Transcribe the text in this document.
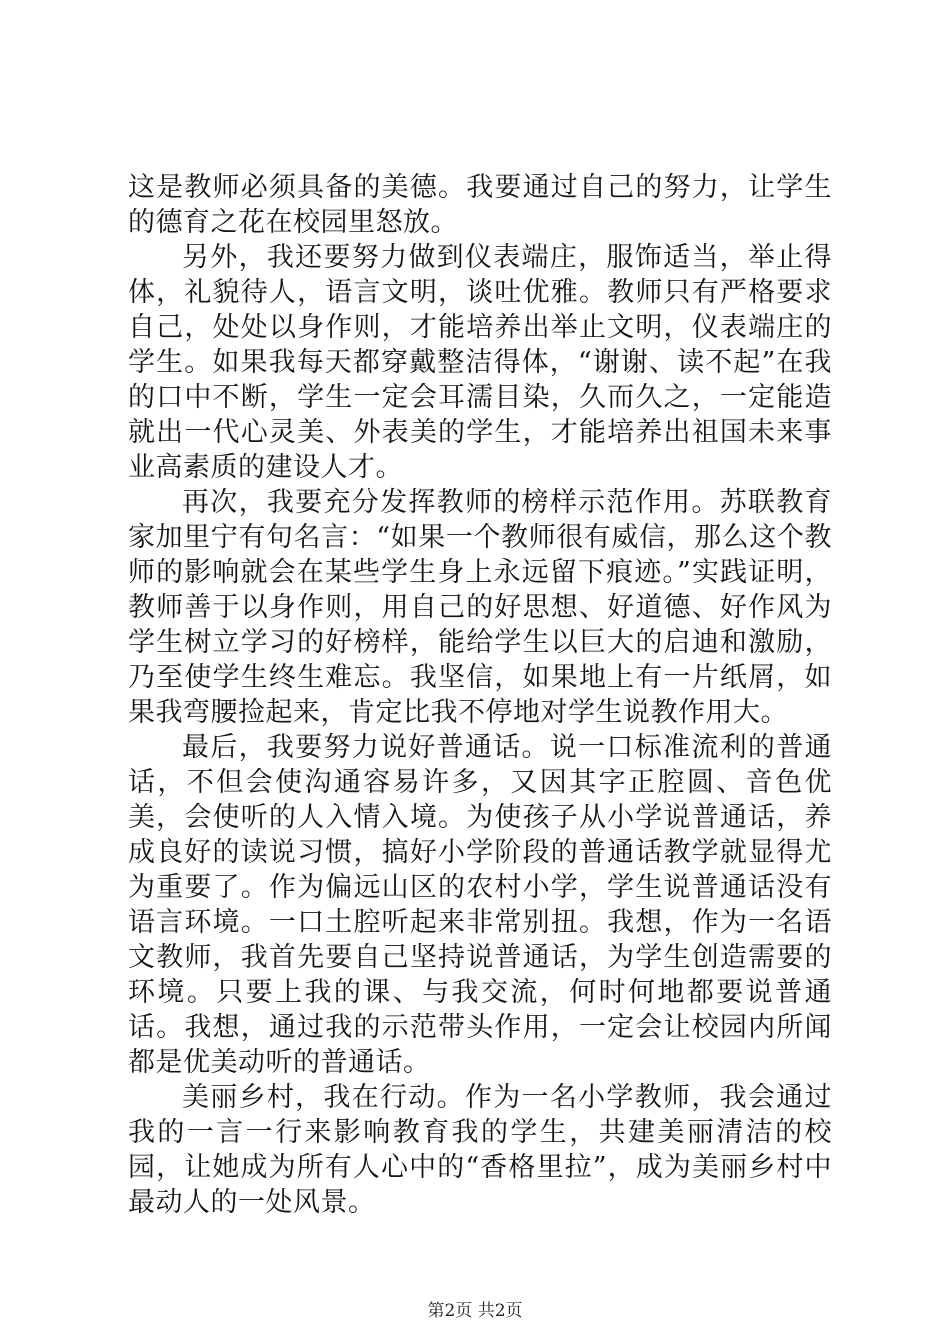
这是教师必须具备的美德。我要通过自己的努力，让学生的德育之花在校园里怒放。

另外，我还要努力做到仪表端庄，服饰适当，举止得体，礼貌待人，语言文明，谈吐优雅。教师只有严格要求自己，处处以身作则，才能培养出举止文明，仪表端庄的学生。如果我每天都穿戴整洁得体，“谢谢、读不起”在我的口中不断，学生一定会耳濡目染，久而久之，一定能造就出一代心灵美、外表美的学生，才能培养出祖国未来事业高素质的建设人才。

再次，我要充分发挥教师的榜样示范作用。苏联教育家加里宁有句名言：“如果一个教师很有威信，那么这个教师的影响就会在某些学生身上永远留下痕迹。”实践证明，教师善于以身作则，用自己的好思想、好道德、好作风为学生树立学习的好榜样，能给学生以巨大的启迪和激励，乃至使学生终生难忘。我坚信，如果地上有一片纸屑，如果我弯腰捡起来，肯定比我不停地对学生说教作用大。

最后，我要努力说好普通话。说一口标准流利的普通话，不但会使沟通容易许多，又因其字正腔圆、音色优美，会使听的人入情入境。为使孩子从小学说普通话，养成良好的读说习惯，搞好小学阶段的普通话教学就显得尤为重要了。作为偏远山区的农村小学，学生说普通话没有语言环境。一口土腔听起来非常别扭。我想，作为一名语文教师，我首先要自己坚持说普通话，为学生创造需要的环境。只要上我的课、与我交流，何时何地都要说普通话。我想，通过我的示范带头作用，一定会让校园内所闻都是优美动听的普通话。

美丽乡村，我在行动。作为一名小学教师，我会通过我的一言一行来影响教育我的学生，共建美丽清洁的校园，让她成为所有人心中的“香格里拉”，成为美丽乡村中最动人的一处风景。

第2页 共2页
